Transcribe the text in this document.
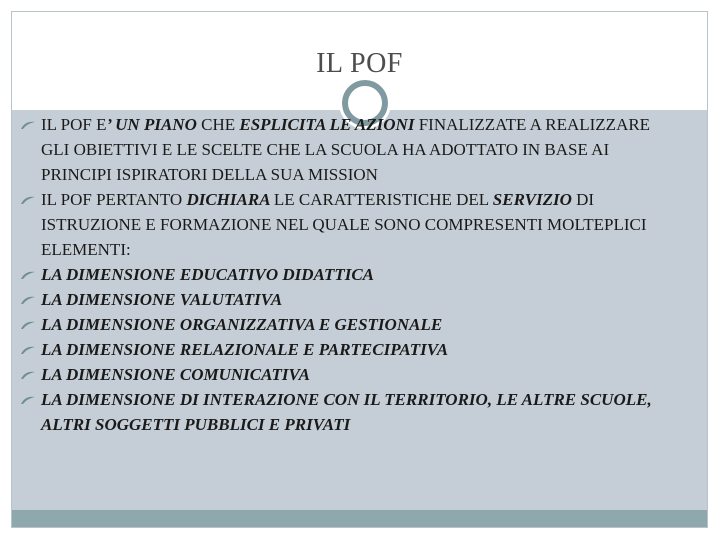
IL POF
IL POF E’ UN PIANO CHE ESPLICITA LE AZIONI FINALIZZATE A REALIZZARE GLI OBIETTIVI E LE SCELTE CHE LA SCUOLA HA ADOTTATO IN BASE AI PRINCIPI ISPIRATORI DELLA SUA MISSION
IL POF PERTANTO DICHIARA LE CARATTERISTICHE DEL SERVIZIO DI ISTRUZIONE E FORMAZIONE NEL QUALE SONO COMPRESENTI MOLTEPLICI ELEMENTI:
LA DIMENSIONE EDUCATIVO DIDATTICA
LA DIMENSIONE VALUTATIVA
LA DIMENSIONE ORGANIZZATIVA E GESTIONALE
LA DIMENSIONE RELAZIONALE E PARTECIPATIVA
LA DIMENSIONE COMUNICATIVA
LA DIMENSIONE DI INTERAZIONE CON IL TERRITORIO, LE ALTRE SCUOLE, ALTRI SOGGETTI PUBBLICI E PRIVATI
